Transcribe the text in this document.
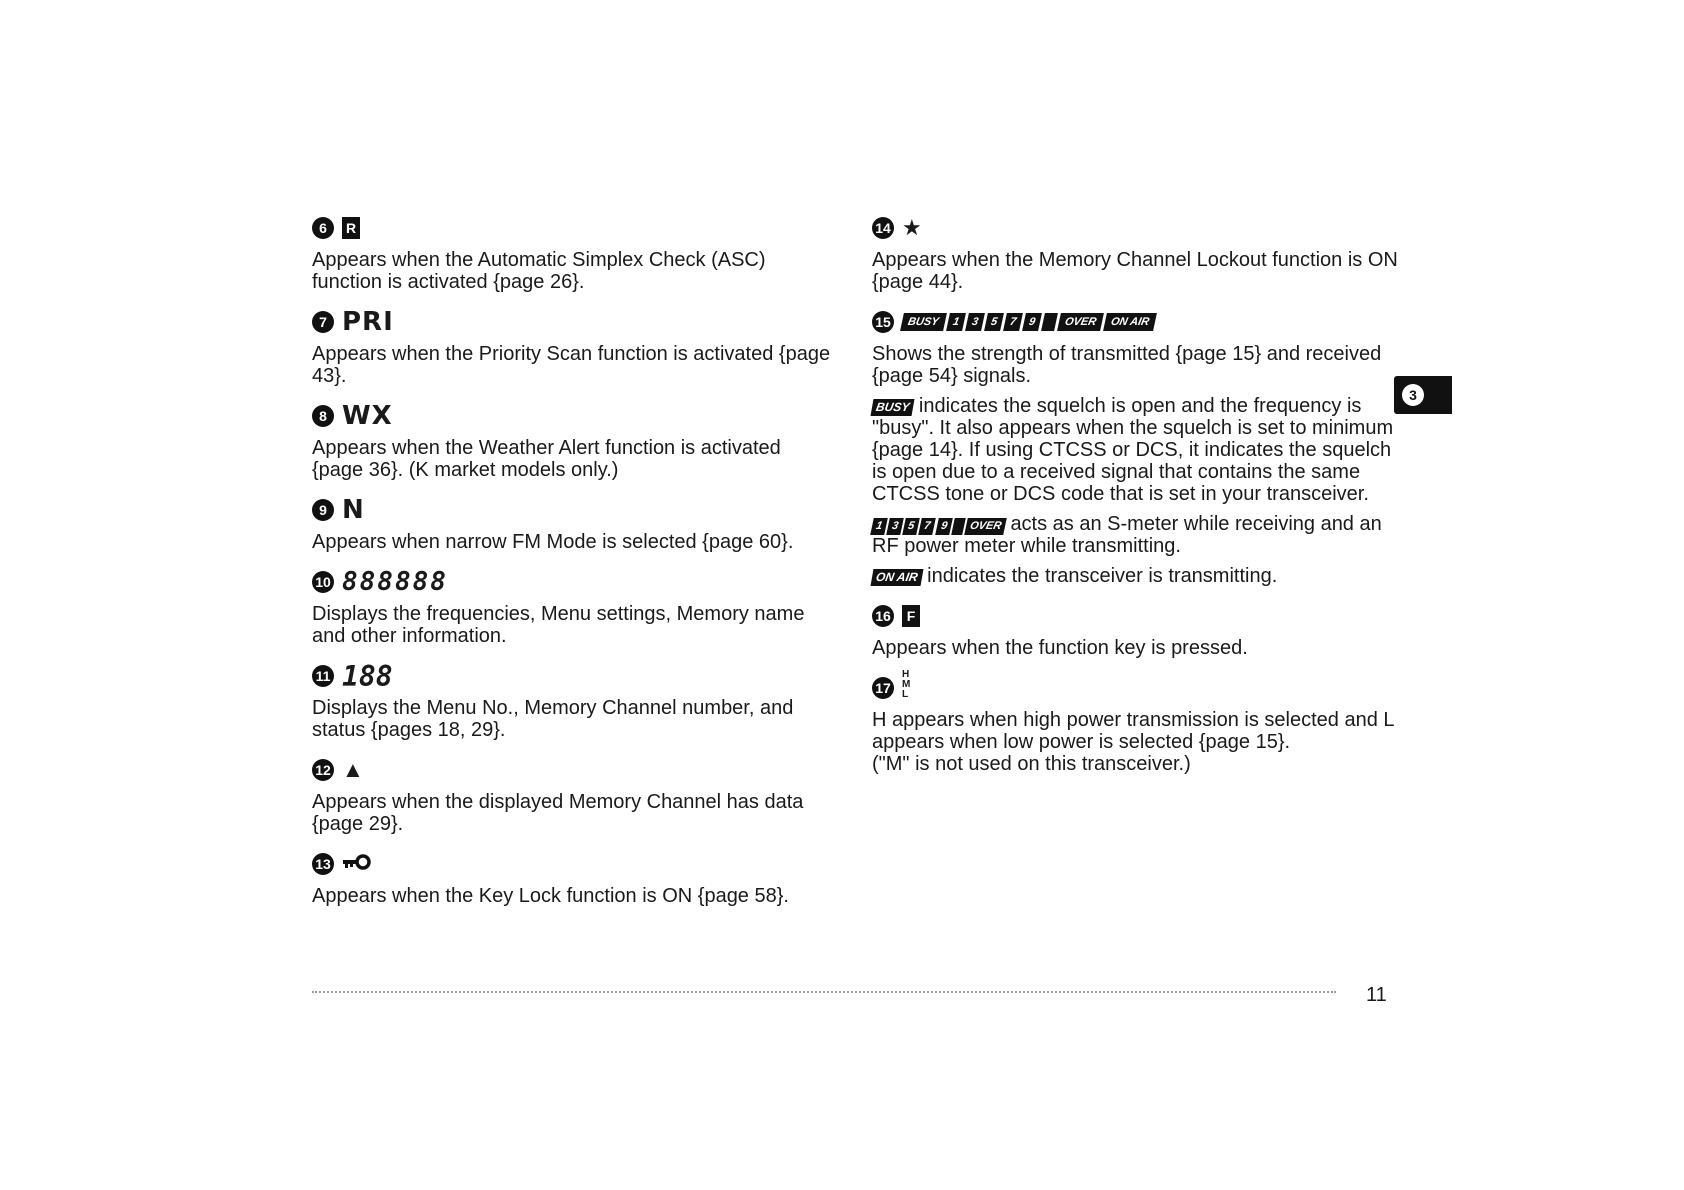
6	R

Appears when the Automatic Simplex Check (ASC) function is activated {page 26}.

7 PRI

Appears when the Priority Scan function is activated {page 43}.

8 WX

Appears when the Weather Alert function is activated {page 36}. (K market models only.)

9 N

Appears when narrow FM Mode is selected {page 60}.

10 888888

Displays the frequencies, Menu settings, Memory name and other information.

11 188

Displays the Menu No., Memory Channel number, and status {pages 18, 29}.

12 ▲

Appears when the displayed Memory Channel has data {page 29}.

13

Appears when the Key Lock function is ON {page 58}.

14 ★

Appears when the Memory Channel Lockout function is ON {page 44}.

15	BUSY	1 3 5 7 9
	OVER	ON AIR

Shows the strength of transmitted {page 15} and received {page 54} signals.

BUSY indicates the squelch is open and the frequency is "busy". It also appears when the squelch is set to minimum {page 14}. If using CTCSS or DCS, it indicates the squelch is open due to a received signal that contains the same CTCSS tone or DCS code that is set in your transceiver.

1 3 5 7 9
	OVER acts as an S-meter while receiving and an RF power meter while transmitting.

ON AIR indicates the transceiver is transmitting.

16	F

Appears when the function key is pressed.

17
H
M
L

H appears when high power transmission is selected and L appears when low power is selected {page 15}.
("M" is not used on this transceiver.)

3
11
